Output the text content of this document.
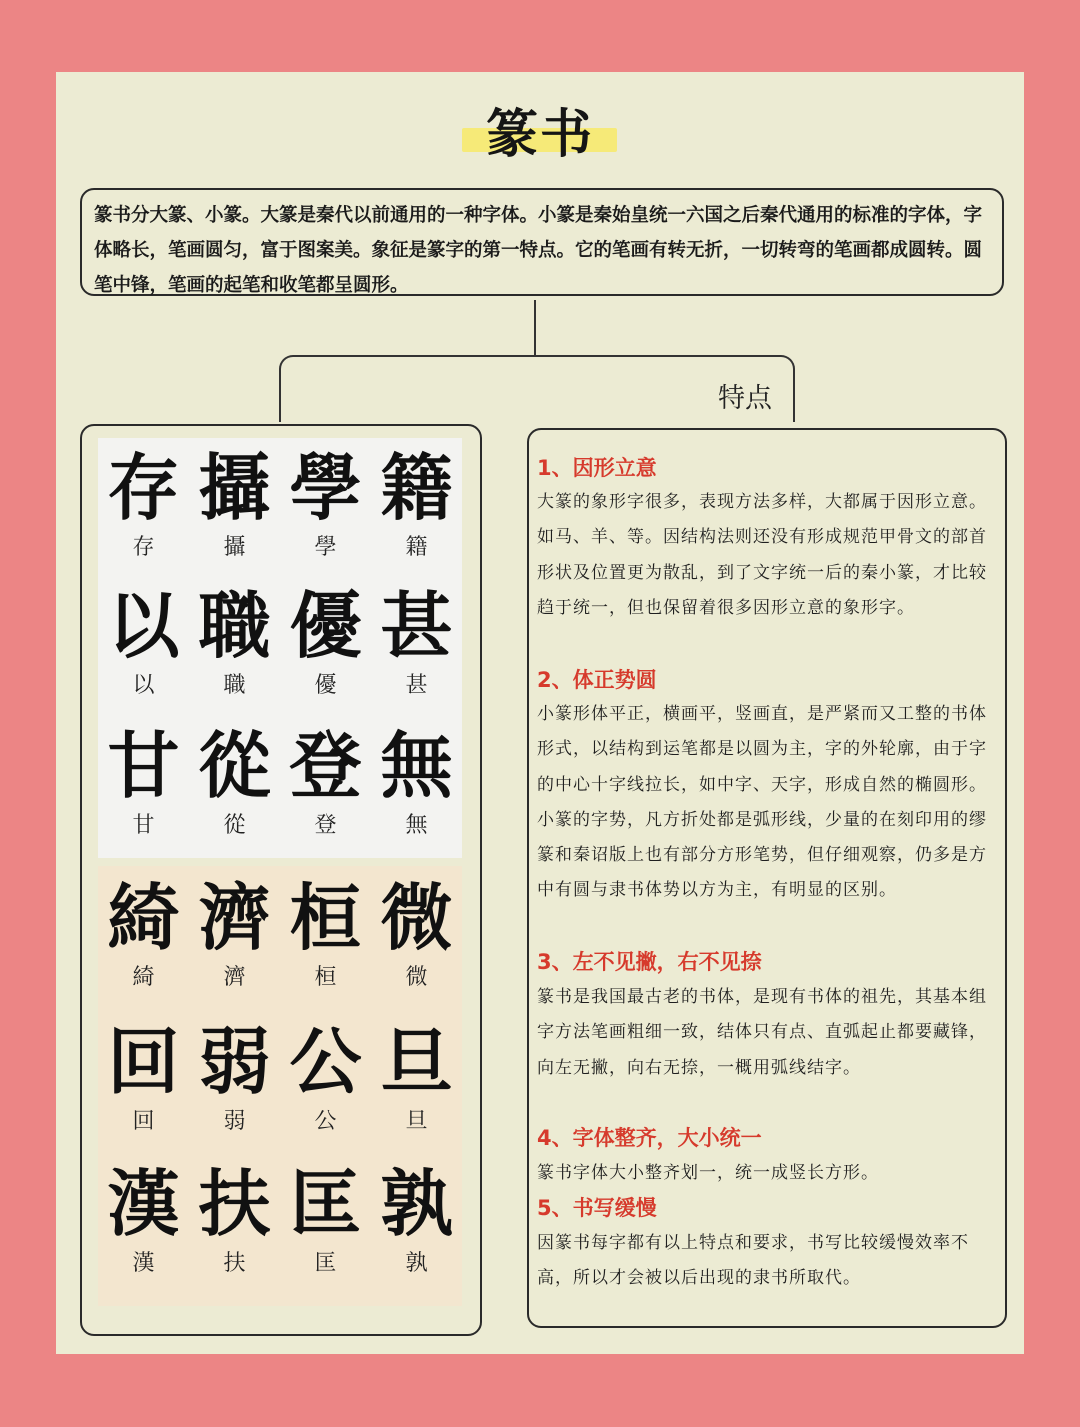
篆书
篆书分大篆、小篆。大篆是秦代以前通用的一种字体。小篆是秦始皇统一六国之后秦代通用的标准的字体，字体略长，笔画圆匀，富于图案美。象征是篆字的第一特点。它的笔画有转无折，一切转弯的笔画都成圆转。圆笔中锋，笔画的起笔和收笔都呈圆形。
特点
存
存
攝
攝
學
學
籍
籍
以
以
職
職
優
優
甚
甚
甘
甘
從
從
登
登
無
無
綺
綺
濟
濟
桓
桓
微
微
回
回
弱
弱
公
公
旦
旦
漢
漢
扶
扶
匡
匡
孰
孰
1、因形立意
大篆的象形字很多，表现方法多样，大都属于因形立意。如马、羊、等。因结构法则还没有形成规范甲骨文的部首形状及位置更为散乱，到了文字统一后的秦小篆，才比较趋于统一，但也保留着很多因形立意的象形字。
2、体正势圆
小篆形体平正，横画平，竖画直，是严紧而又工整的书体形式，以结构到运笔都是以圆为主，字的外轮廓，由于字的中心十字线拉长，如中字、天字，形成自然的椭圆形。小篆的字势，凡方折处都是弧形线，少量的在刻印用的缪篆和秦诏版上也有部分方形笔势，但仔细观察，仍多是方中有圆与隶书体势以方为主，有明显的区别。
3、左不见撇，右不见捺
篆书是我国最古老的书体，是现有书体的祖先，其基本组字方法笔画粗细一致，结体只有点、直弧起止都要藏锋，向左无撇，向右无捺，一概用弧线结字。
4、字体整齐，大小统一
篆书字体大小整齐划一，统一成竖长方形。
5、书写缓慢
因篆书每字都有以上特点和要求，书写比较缓慢效率不高，所以才会被以后出现的隶书所取代。
